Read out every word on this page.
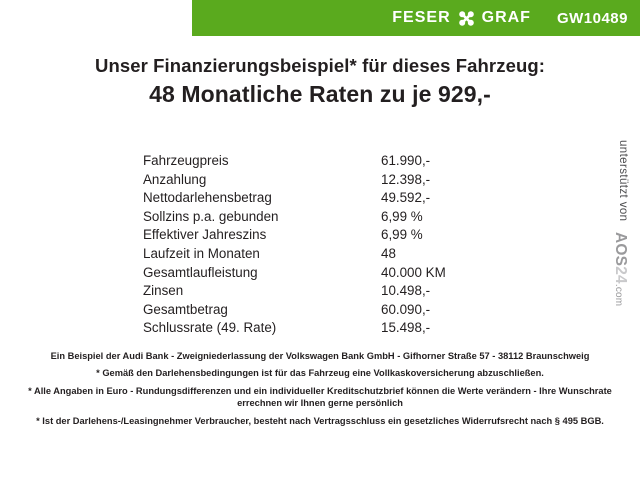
FESER GRAF GW10489

Unser Finanzierungsbeispiel* für dieses Fahrzeug:

48 Monatliche Raten zu je 929,-

Fahrzeugpreis	61.990,-
Anzahlung	12.398,-
Nettodarlehensbetrag	49.592,-
Sollzins p.a. gebunden	6,99 %
Effektiver Jahreszins	6,99 %
Laufzeit in Monaten	48
Gesamtlaufleistung	40.000 KM
Zinsen	10.498,-
Gesamtbetrag	60.090,-
Schlussrate (49. Rate)	15.498,-

Ein Beispiel der Audi Bank - Zweigniederlassung der Volkswagen Bank GmbH - Gifhorner Straße 57 - 38112 Braunschweig

* Gemäß den Darlehensbedingungen ist für das Fahrzeug eine Vollkaskoversicherung abzuschließen.

* Alle Angaben in Euro - Rundungsdifferenzen und ein individueller Kreditschutzbrief können die Werte verändern - Ihre Wunschrate errechnen wir Ihnen gerne persönlich

* Ist der Darlehens-/Leasingnehmer Verbraucher, besteht nach Vertragsschluss ein gesetzliches Widerrufsrecht nach § 495 BGB.

unterstützt von
AOS24.com
